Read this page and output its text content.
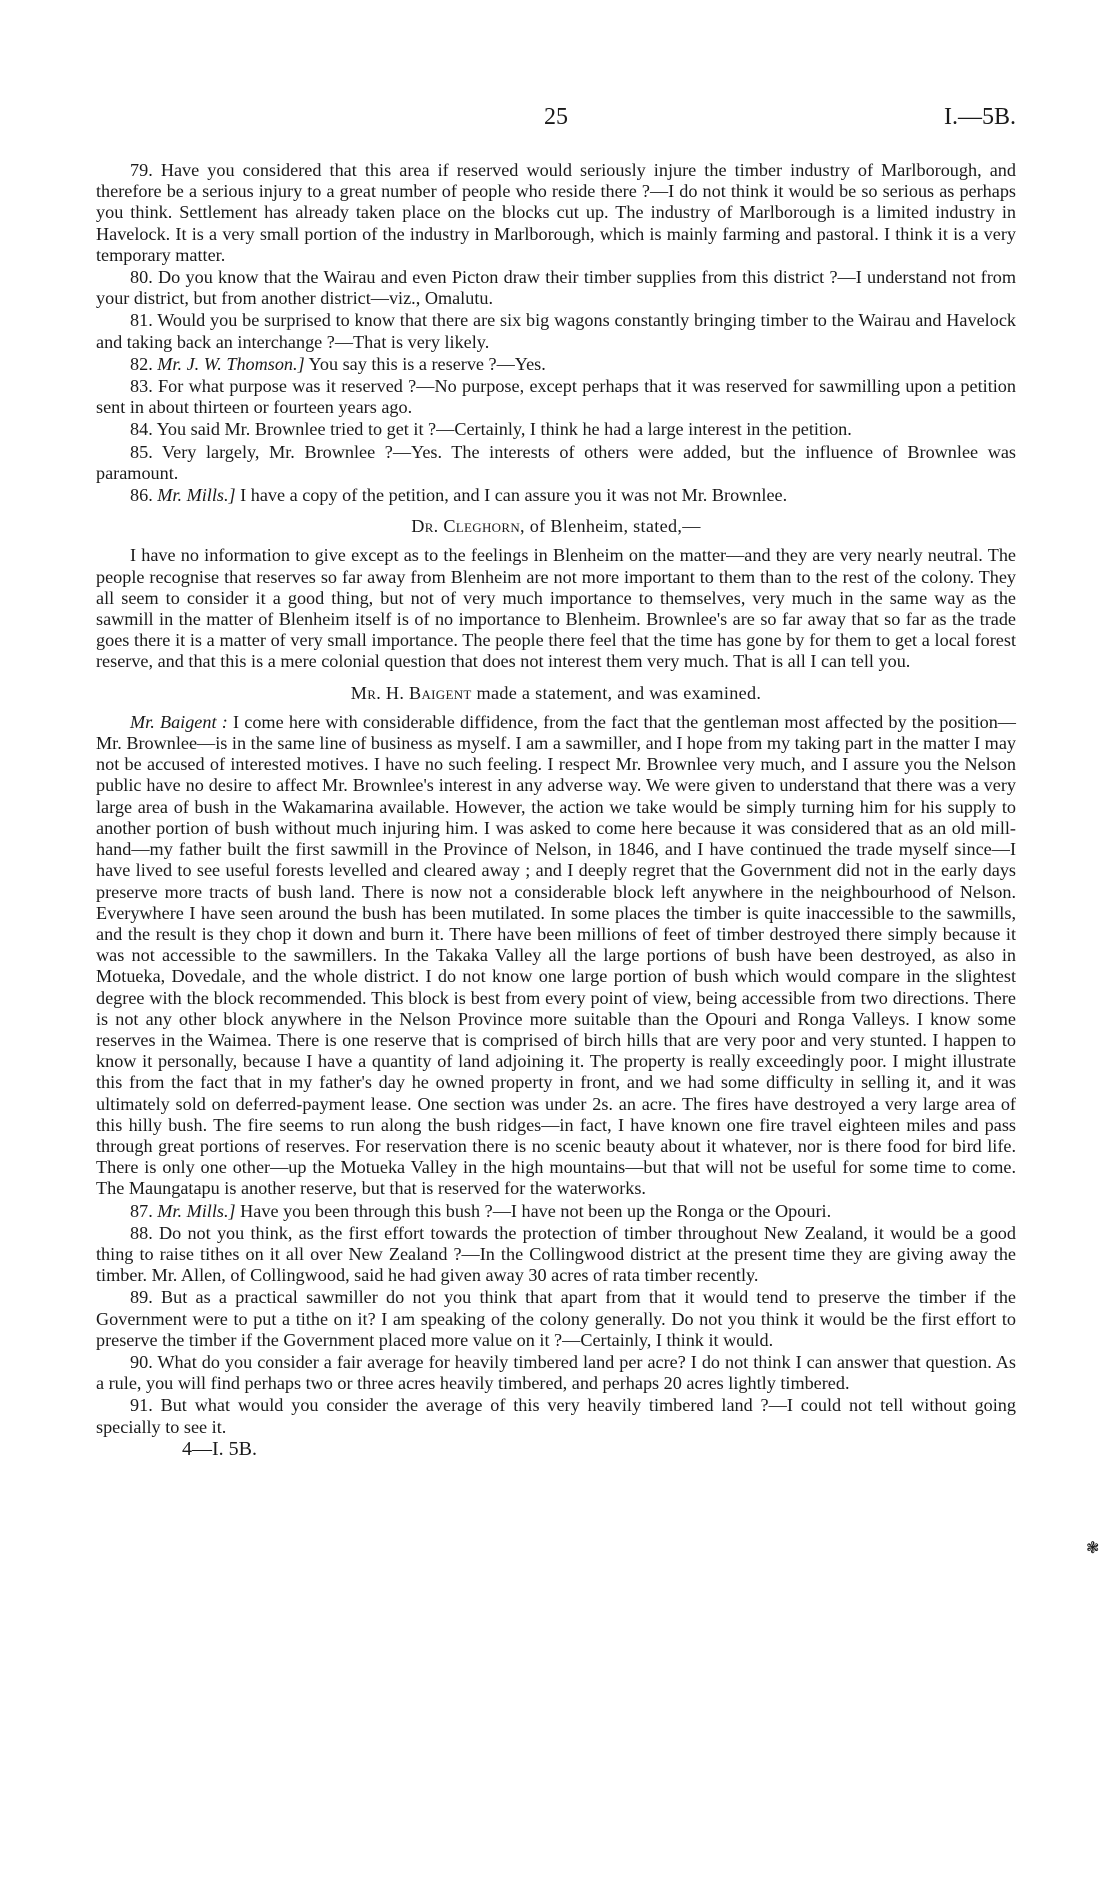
25	I.—5B.

79. Have you considered that this area if reserved would seriously injure the timber industry of Marlborough, and therefore be a serious injury to a great number of people who reside there ?—I do not think it would be so serious as perhaps you think. Settlement has already taken place on the blocks cut up. The industry of Marlborough is a limited industry in Havelock. It is a very small portion of the industry in Marlborough, which is mainly farming and pastoral. I think it is a very temporary matter.

80. Do you know that the Wairau and even Picton draw their timber supplies from this district ?—I understand not from your district, but from another district—viz., Omalutu.

81. Would you be surprised to know that there are six big wagons constantly bringing timber to the Wairau and Havelock and taking back an interchange ?—That is very likely.

82. Mr. J. W. Thomson.] You say this is a reserve ?—Yes.

83. For what purpose was it reserved ?—No purpose, except perhaps that it was reserved for sawmilling upon a petition sent in about thirteen or fourteen years ago.

84. You said Mr. Brownlee tried to get it ?—Certainly, I think he had a large interest in the petition.

85. Very largely, Mr. Brownlee ?—Yes. The interests of others were added, but the influence of Brownlee was paramount.

86. Mr. Mills.] I have a copy of the petition, and I can assure you it was not Mr. Brownlee.

Dr. Cleghorn, of Blenheim, stated,—

I have no information to give except as to the feelings in Blenheim on the matter—and they are very nearly neutral. The people recognise that reserves so far away from Blenheim are not more important to them than to the rest of the colony. They all seem to consider it a good thing, but not of very much importance to themselves, very much in the same way as the sawmill in the matter of Blenheim itself is of no importance to Blenheim. Brownlee's are so far away that so far as the trade goes there it is a matter of very small importance. The people there feel that the time has gone by for them to get a local forest reserve, and that this is a mere colonial question that does not interest them very much. That is all I can tell you.

Mr. H. Baigent made a statement, and was examined.

Mr. Baigent : I come here with considerable diffidence, from the fact that the gentleman most affected by the position—Mr. Brownlee—is in the same line of business as myself. I am a sawmiller, and I hope from my taking part in the matter I may not be accused of interested motives. I have no such feeling. I respect Mr. Brownlee very much, and I assure you the Nelson public have no desire to affect Mr. Brownlee's interest in any adverse way. We were given to understand that there was a very large area of bush in the Wakamarina available. However, the action we take would be simply turning him for his supply to another portion of bush without much injuring him. I was asked to come here because it was considered that as an old mill-hand—my father built the first sawmill in the Province of Nelson, in 1846, and I have continued the trade myself since—I have lived to see useful forests levelled and cleared away ; and I deeply regret that the Government did not in the early days preserve more tracts of bush land. There is now not a considerable block left anywhere in the neighbourhood of Nelson. Everywhere I have seen around the bush has been mutilated. In some places the timber is quite inaccessible to the sawmills, and the result is they chop it down and burn it. There have been millions of feet of timber destroyed there simply because it was not accessible to the sawmillers. In the Takaka Valley all the large portions of bush have been destroyed, as also in Motueka, Dovedale, and the whole district. I do not know one large portion of bush which would compare in the slightest degree with the block recommended. This block is best from every point of view, being accessible from two directions. There is not any other block anywhere in the Nelson Province more suitable than the Opouri and Ronga Valleys. I know some reserves in the Waimea. There is one reserve that is comprised of birch hills that are very poor and very stunted. I happen to know it personally, because I have a quantity of land adjoining it. The property is really exceedingly poor. I might illustrate this from the fact that in my father's day he owned property in front, and we had some difficulty in selling it, and it was ultimately sold on deferred-payment lease. One section was under 2s. an acre. The fires have destroyed a very large area of this hilly bush. The fire seems to run along the bush ridges—in fact, I have known one fire travel eighteen miles and pass through great portions of reserves. For reservation there is no scenic beauty about it whatever, nor is there food for bird life. There is only one other—up the Motueka Valley in the high mountains—but that will not be useful for some time to come. The Maungatapu is another reserve, but that is reserved for the waterworks.

87. Mr. Mills.] Have you been through this bush ?—I have not been up the Ronga or the Opouri.

88. Do not you think, as the first effort towards the protection of timber throughout New Zealand, it would be a good thing to raise tithes on it all over New Zealand ?—In the Collingwood district at the present time they are giving away the timber. Mr. Allen, of Collingwood, said he had given away 30 acres of rata timber recently.

89. But as a practical sawmiller do not you think that apart from that it would tend to preserve the timber if the Government were to put a tithe on it? I am speaking of the colony generally. Do not you think it would be the first effort to preserve the timber if the Government placed more value on it ?—Certainly, I think it would.

90. What do you consider a fair average for heavily timbered land per acre? I do not think I can answer that question. As a rule, you will find perhaps two or three acres heavily timbered, and perhaps 20 acres lightly timbered.

91. But what would you consider the average of this very heavily timbered land ?—I could not tell without going specially to see it.

4—I. 5B.

❃
